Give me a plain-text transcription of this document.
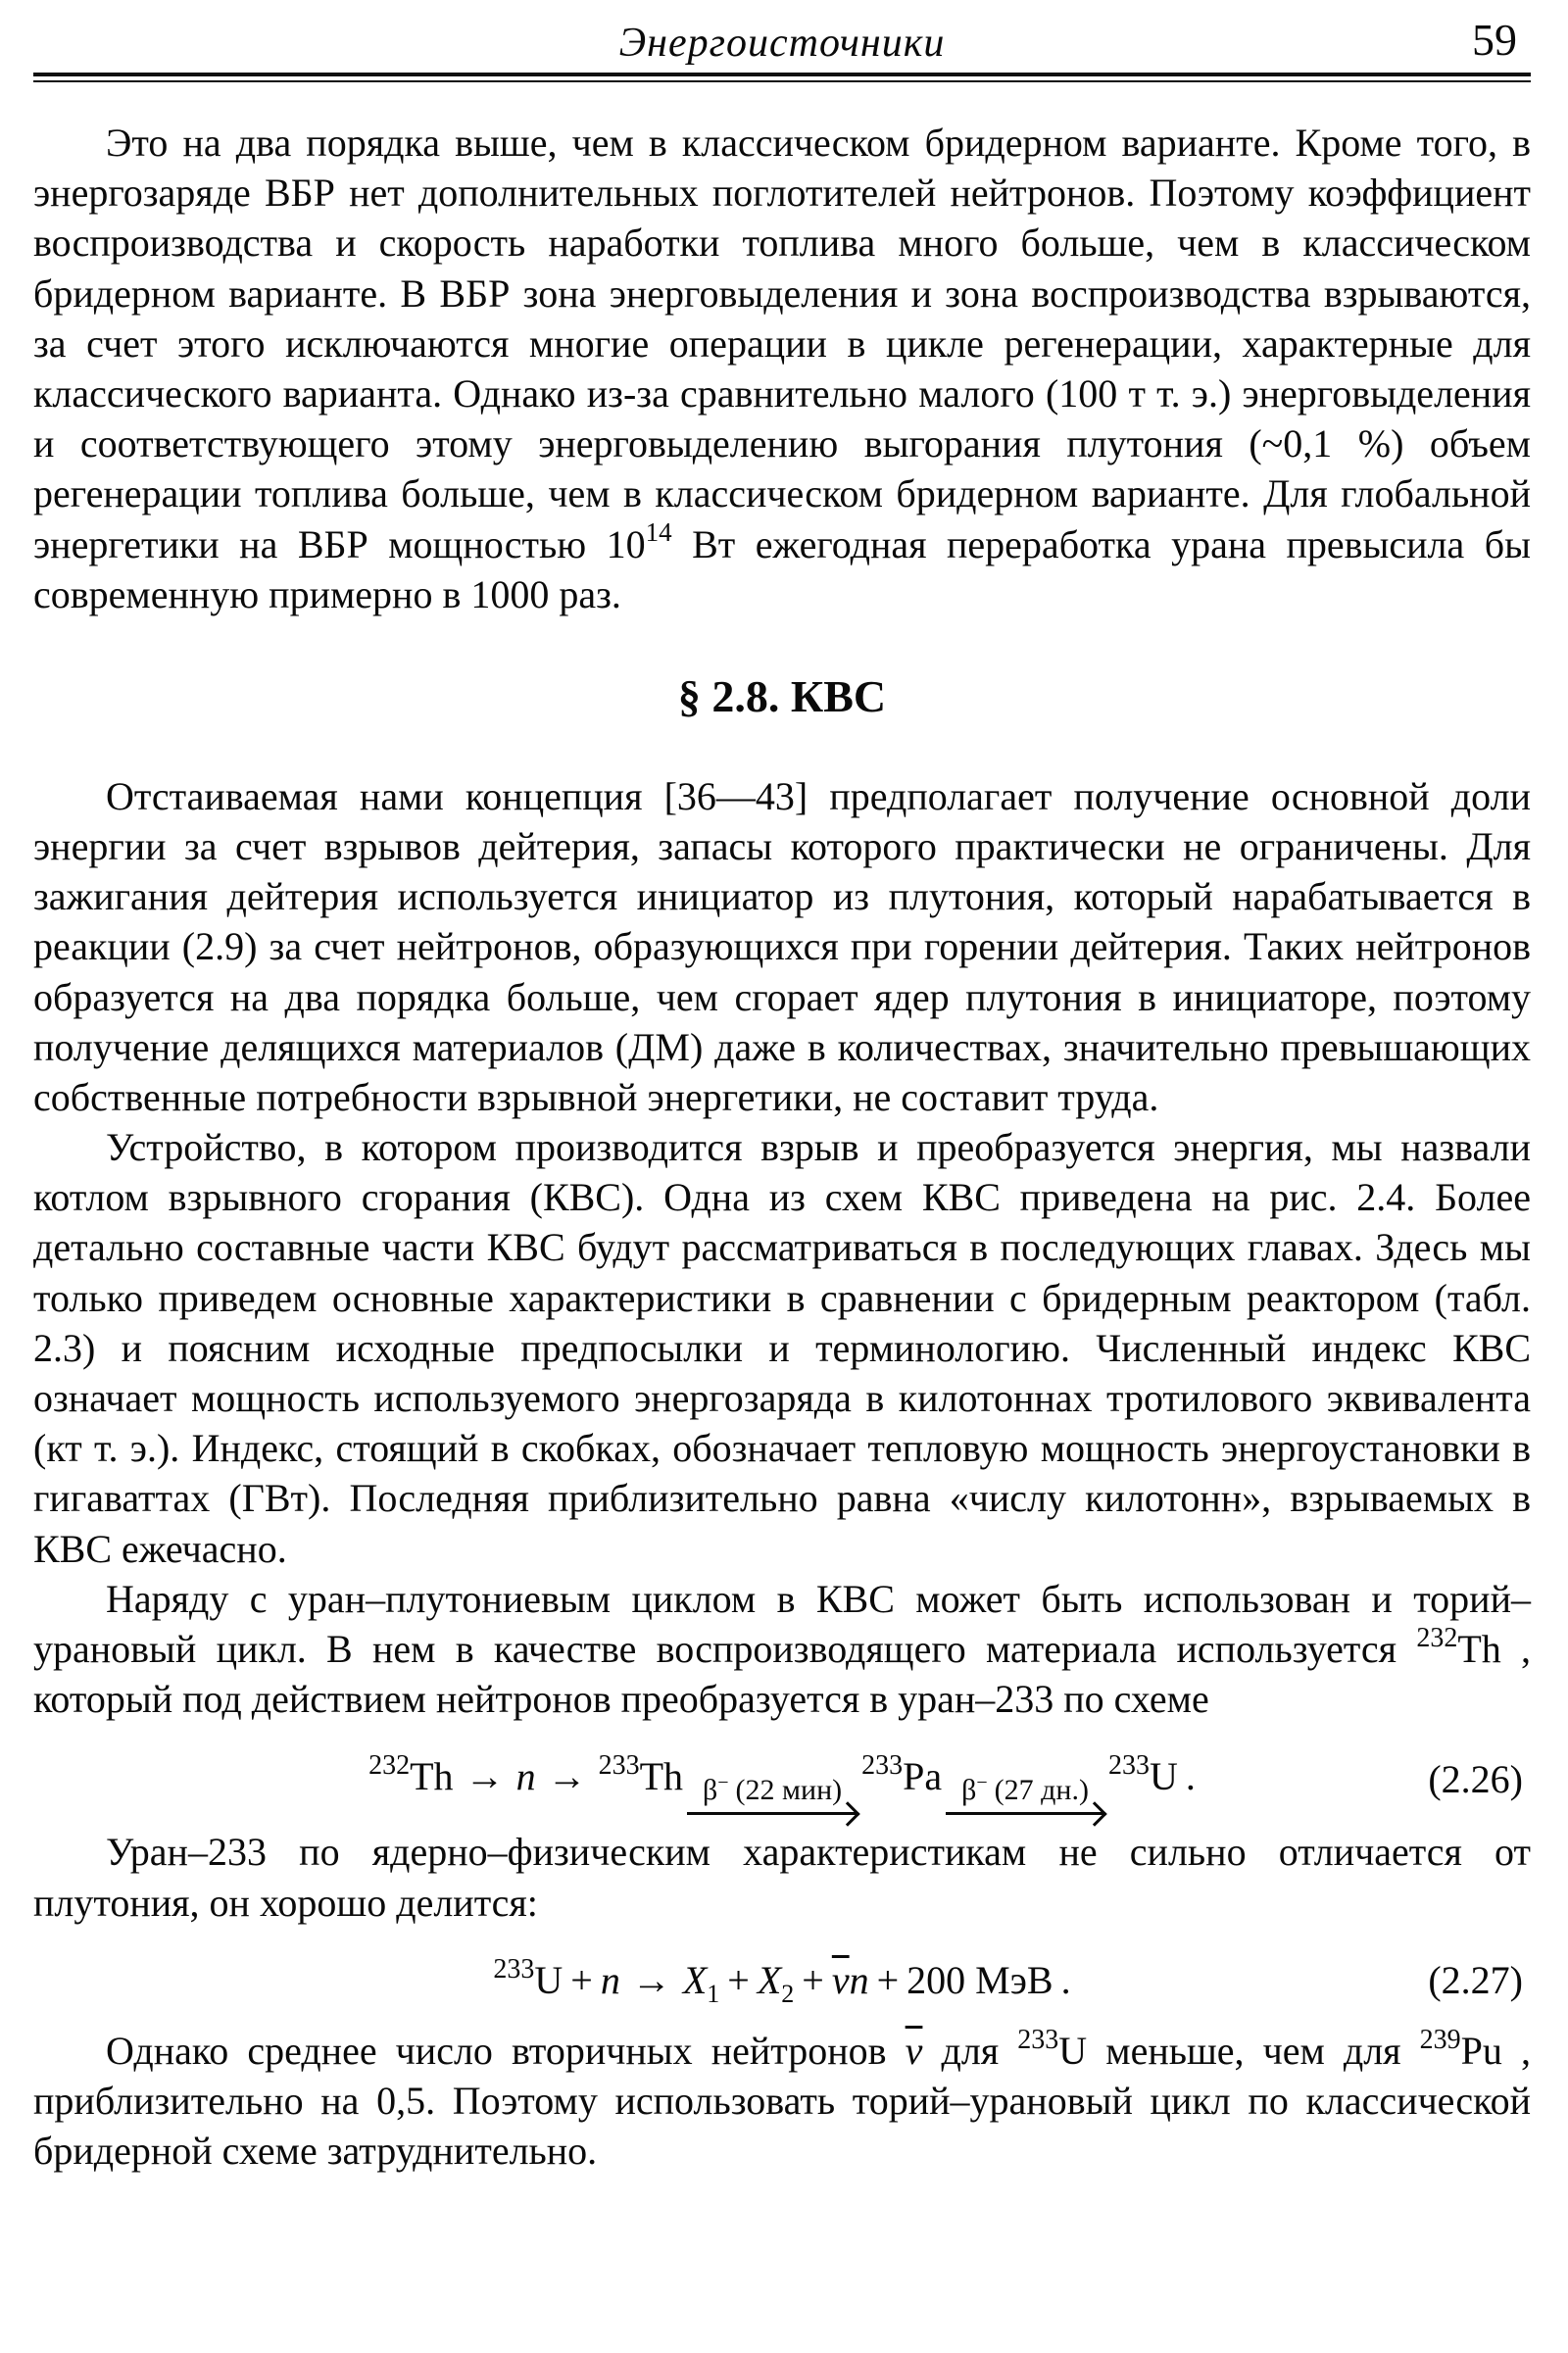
Энергоисточники	59

Это на два порядка выше, чем в классическом бридерном варианте. Кроме того, в энергозаряде ВБР нет дополнительных поглотителей нейтронов. Поэтому коэффициент воспроизводства и скорость наработки топлива много больше, чем в классическом бридерном варианте. В ВБР зона энерговыделения и зона воспроизводства взрываются, за счет этого исключаются многие операции в цикле регенерации, характерные для классического варианта. Однако из-за сравнительно малого (100 т т. э.) энерговыделения и соответствующего этому энерговыделению выгорания плутония (~0,1 %) объем регенерации топлива больше, чем в классическом бридерном варианте. Для глобальной энергетики на ВБР мощностью $10^{14}$ Вт ежегодная переработка урана превысила бы современную примерно в 1000 раз.

§ 2.8. КВС

Отстаиваемая нами концепция [36—43] предполагает получение основной доли энергии за счет взрывов дейтерия, запасы которого практически не ограничены. Для зажигания дейтерия используется инициатор из плутония, который нарабатывается в реакции (2.9) за счет нейтронов, образующихся при горении дейтерия. Таких нейтронов образуется на два порядка больше, чем сгорает ядер плутония в инициаторе, поэтому получение делящихся материалов (ДМ) даже в количествах, значительно превышающих собственные потребности взрывной энергетики, не составит труда.

Устройство, в котором производится взрыв и преобразуется энергия, мы назвали котлом взрывного сгорания (КВС). Одна из схем КВС приведена на рис. 2.4. Более детально составные части КВС будут рассматриваться в последующих главах. Здесь мы только приведем основные характеристики в сравнении с бридерным реактором (табл. 2.3) и поясним исходные предпосылки и терминологию. Численный индекс КВС означает мощность используемого энергозаряда в килотоннах тротилового эквивалента (кт т. э.). Индекс, стоящий в скобках, обозначает тепловую мощность энергоустановки в гигаваттах (ГВт). Последняя приблизительно равна «числу килотонн», взрываемых в КВС ежечасно.

Наряду с уран–плутониевым циклом в КВС может быть использован и торий–урановый цикл. В нем в качестве воспроизводящего материала используется $^{232}$Th , который под действием нейтронов преобразуется в уран–233 по схеме

$^{232}$Th → n → $^{233}$Th β− (22 мин)
$^{233}$Pa β− (27 дн.)
$^{233}$U .	(2.26)

Уран–233 по ядерно–физическим характеристикам не сильно отличается от плутония, он хорошо делится:

$^{233}U + n \to X_1 + X_2 + \overline{\nu}n + 200$ МэВ .	(2.27)

Однако среднее число вторичных нейтронов $\overline{\nu}$ для $^{233}$U меньше, чем для $^{239}$Pu , приблизительно на 0,5. Поэтому использовать торий–урановый цикл по классической бридерной схеме затруднительно.
